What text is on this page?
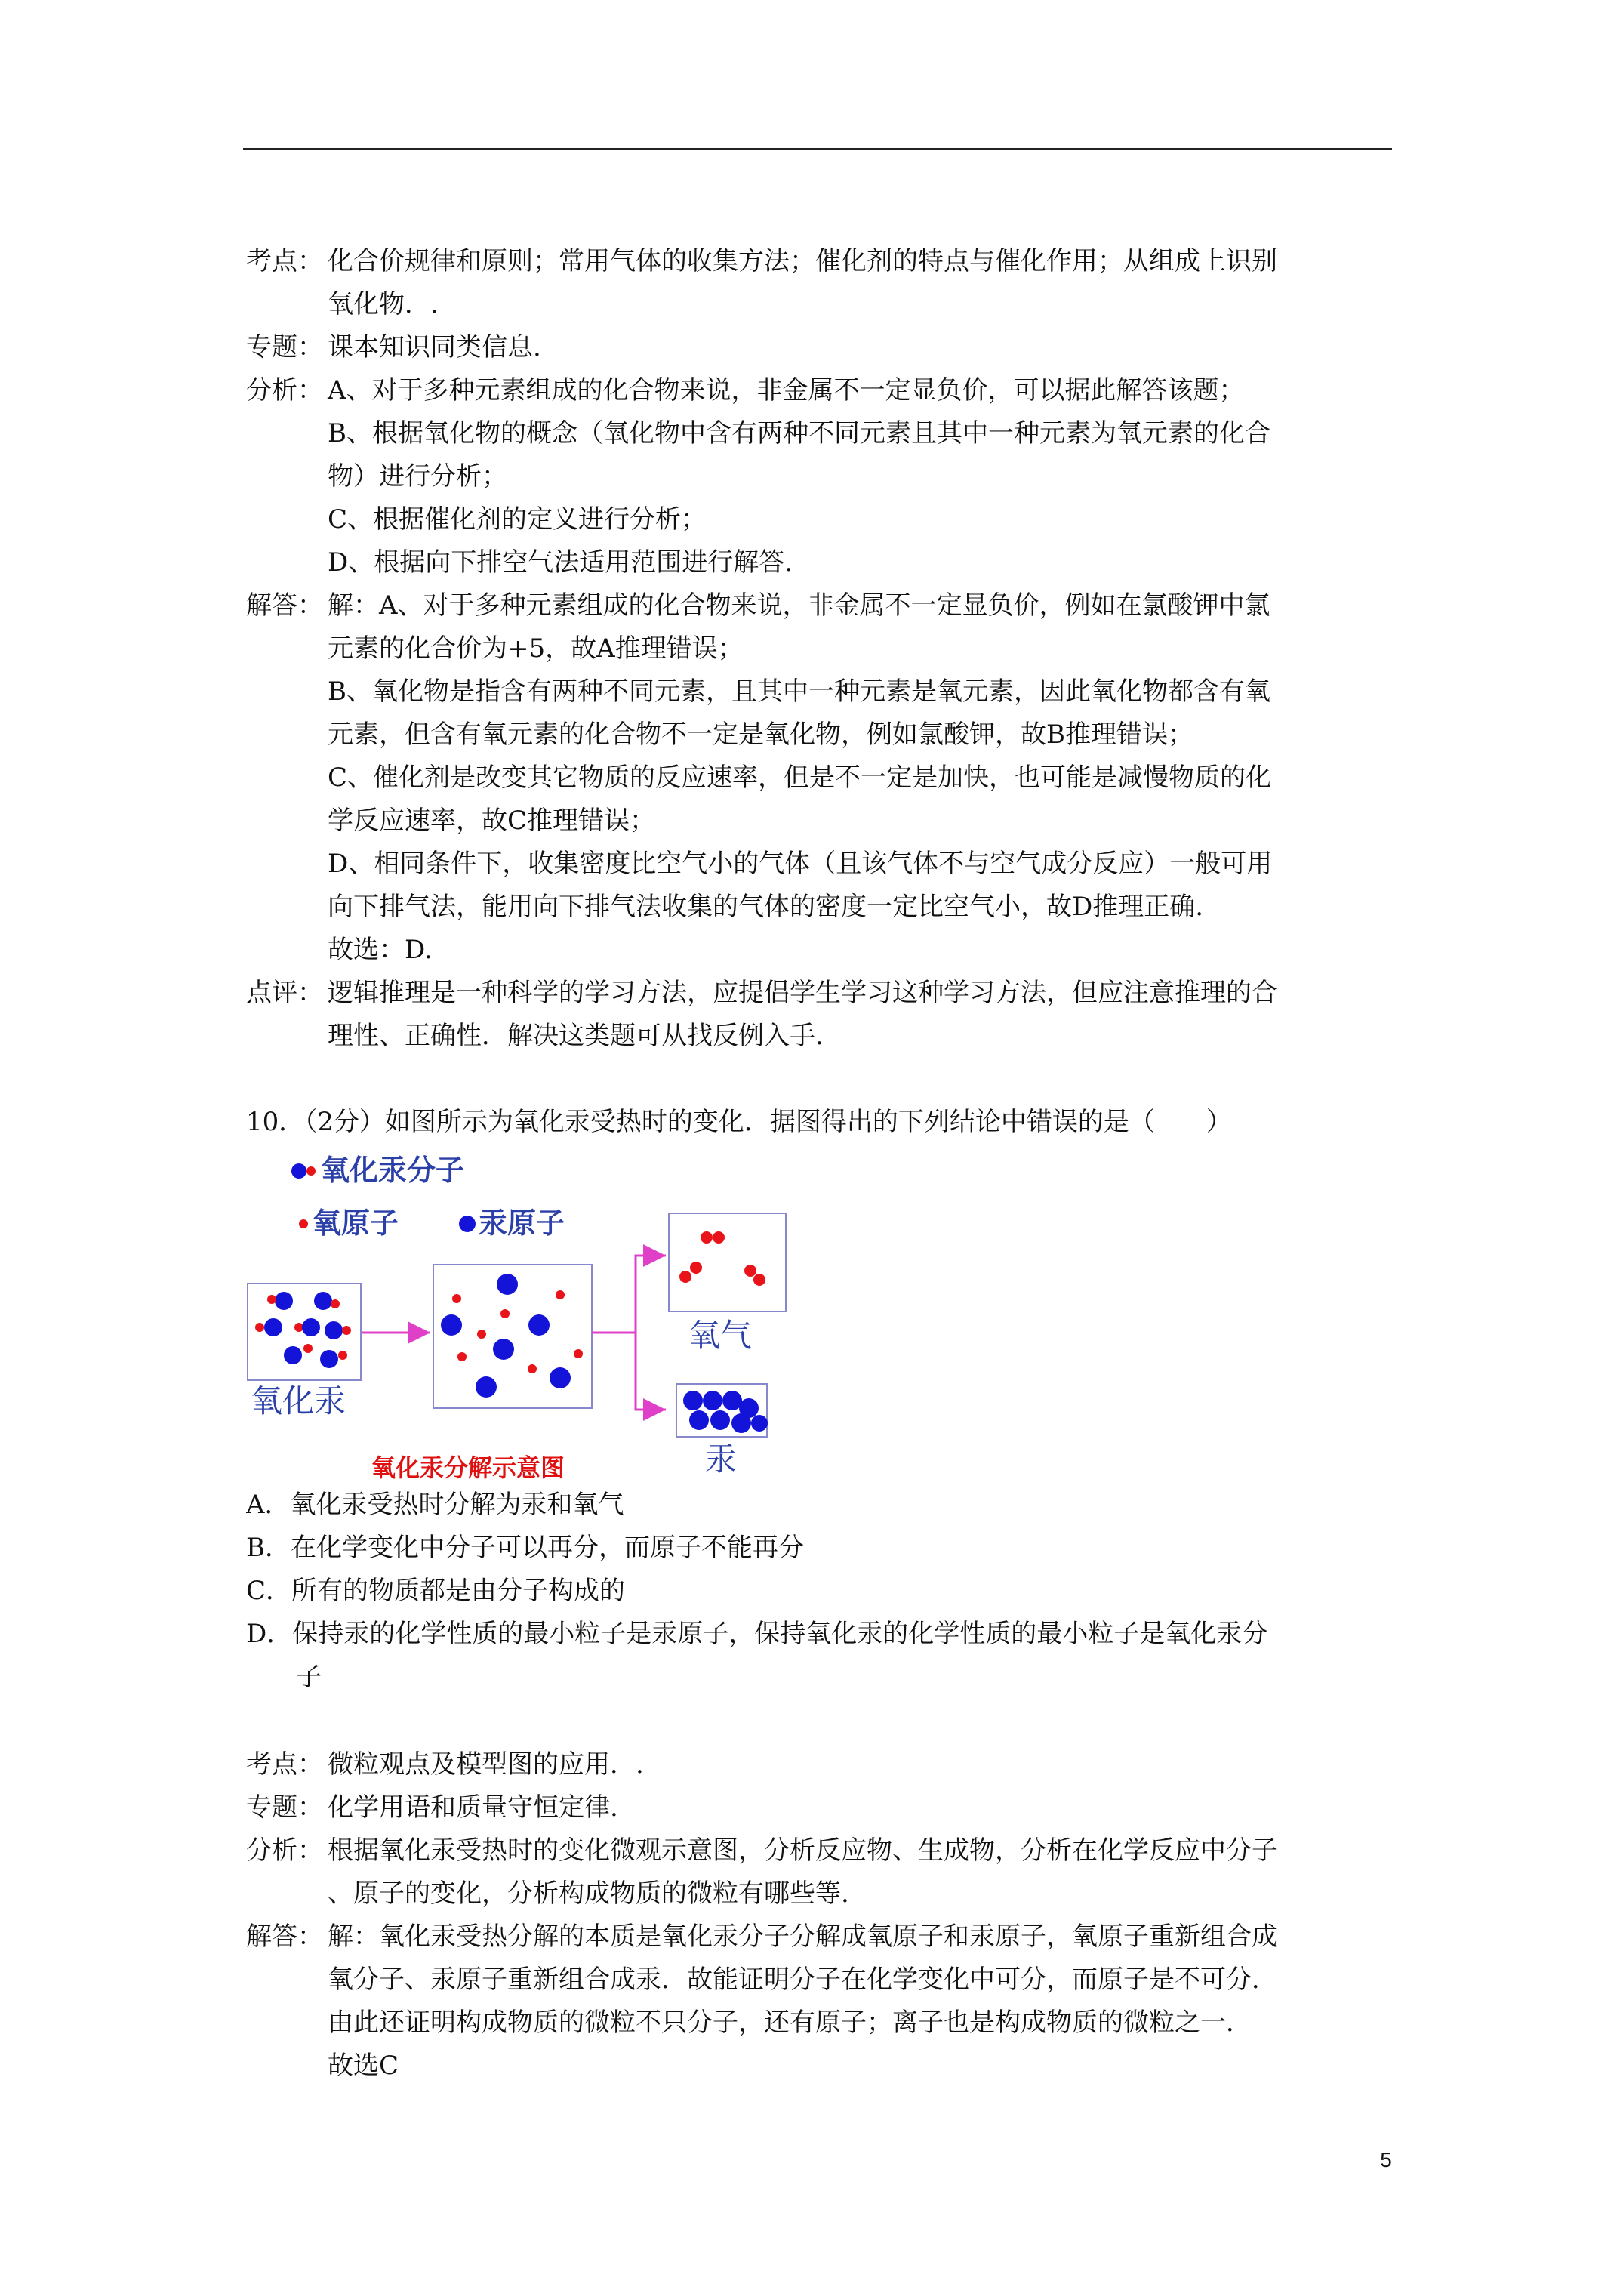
考点： 化合价规律和原则；常用气体的收集方法；催化剂的特点与催化作用；从组成上识别
氧化物．.
专题： 课本知识同类信息.
分析： A、对于多种元素组成的化合物来说，非金属不一定显负价，可以据此解答该题；
B、根据氧化物的概念（氧化物中含有两种不同元素且其中一种元素为氧元素的化合
物）进行分析；
C、根据催化剂的定义进行分析；
D、根据向下排空气法适用范围进行解答.
解答： 解：A、对于多种元素组成的化合物来说，非金属不一定显负价，例如在氯酸钾中氯
元素的化合价为+5，故A推理错误；
B、氧化物是指含有两种不同元素，且其中一种元素是氧元素，因此氧化物都含有氧
元素，但含有氧元素的化合物不一定是氧化物，例如氯酸钾，故B推理错误；
C、催化剂是改变其它物质的反应速率，但是不一定是加快，也可能是减慢物质的化
学反应速率，故C推理错误；
D、相同条件下，收集密度比空气小的气体（且该气体不与空气成分反应）一般可用
向下排气法，能用向下排气法收集的气体的密度一定比空气小，故D推理正确.
故选：D.
点评： 逻辑推理是一种科学的学习方法，应提倡学生学习这种学习方法，但应注意推理的合
理性、正确性．解决这类题可从找反例入手.
10．（2分）如图所示为氧化汞受热时的变化．据图得出的下列结论中错误的是（　　）
氧化汞分子
氧原子	汞原子
氧化汞
氧气
汞
氧化汞分解示意图
A．氧化汞受热时分解为汞和氧气
B．在化学变化中分子可以再分，而原子不能再分
C．所有的物质都是由分子构成的
D．保持汞的化学性质的最小粒子是汞原子，保持氧化汞的化学性质的最小粒子是氧化汞分
子
考点： 微粒观点及模型图的应用．.
专题： 化学用语和质量守恒定律.
分析： 根据氧化汞受热时的变化微观示意图，分析反应物、生成物，分析在化学反应中分子
、原子的变化，分析构成物质的微粒有哪些等.
解答： 解：氧化汞受热分解的本质是氧化汞分子分解成氧原子和汞原子，氧原子重新组合成
氧分子、汞原子重新组合成汞．故能证明分子在化学变化中可分，而原子是不可分．
由此还证明构成物质的微粒不只分子，还有原子；离子也是构成物质的微粒之一．
故选C
5
